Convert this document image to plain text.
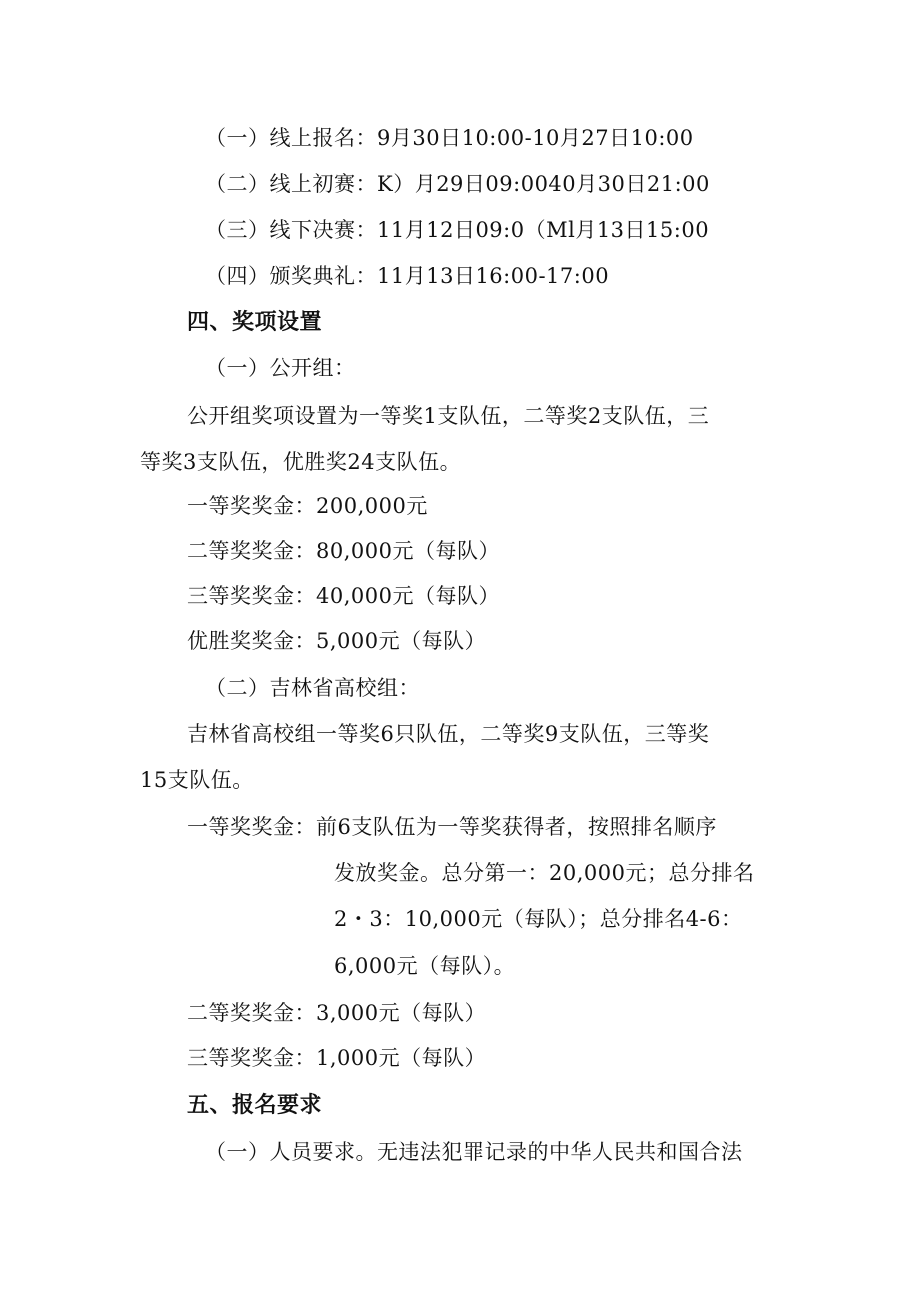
（一）线上报名：9月30日10:00-10月27日10:00
（二）线上初赛：K）月29日09:0040月30日21:00
（三）线下决赛：11月12日09:0（Ml月13日15:00
（四）颁奖典礼：11月13日16:00-17:00
四、奖项设置
（一）公开组：
公开组奖项设置为一等奖1支队伍，二等奖2支队伍，三
等奖3支队伍，优胜奖24支队伍。
一等奖奖金：200,000元
二等奖奖金：80,000元（每队）
三等奖奖金：40,000元（每队）
优胜奖奖金：5,000元（每队）
（二）吉林省高校组：
吉林省高校组一等奖6只队伍，二等奖9支队伍，三等奖
15支队伍。
一等奖奖金：前6支队伍为一等奖获得者，按照排名顺序
发放奖金。总分第一：20,000元；总分排名
2・3：10,000元（每队）；总分排名4-6：
6,000元（每队）。
二等奖奖金：3,000元（每队）
三等奖奖金：1,000元（每队）
五、报名要求
（一）人员要求。无违法犯罪记录的中华人民共和国合法
